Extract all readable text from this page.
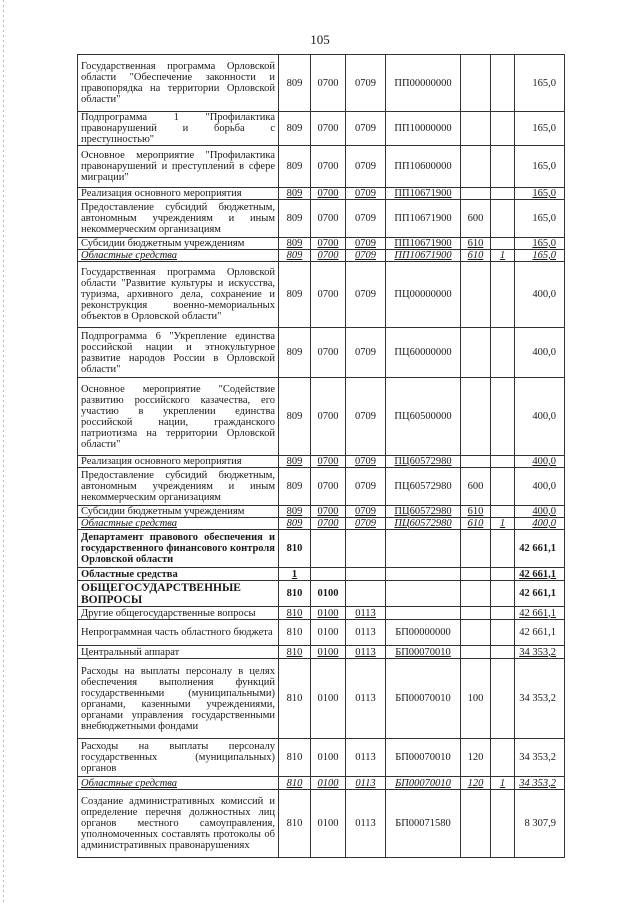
105
Государственная программа Орловской области "Обеспечение законности и правопорядка на территории Орловской области"	809	0700	0709	ПП00000000			165,0
Подпрограмма 1 "Профилактика правонарушений и борьба с преступностью"	809	0700	0709	ПП10000000			165,0
Основное мероприятие "Профилактика правонарушений и преступлений в сфере миграции"	809	0700	0709	ПП10600000			165,0
Реализация основного мероприятия	809	0700	0709	ПП10671900			165,0
Предоставление субсидий бюджетным, автономным учреждениям и иным некоммерческим организациям	809	0700	0709	ПП10671900	600		165,0
Субсидии бюджетным учреждениям	809	0700	0709	ПП10671900	610		165,0
Областные средства	809	0700	0709	ПП10671900	610	1	165,0
Государственная программа Орловской области "Развитие культуры и искусства, туризма, архивного дела, сохранение и реконструкция военно-мемориальных объектов в Орловской области"	809	0700	0709	ПЦ00000000			400,0
Подпрограмма 6 "Укрепление единства российской нации и этнокультурное развитие народов России в Орловской области"	809	0700	0709	ПЦ60000000			400,0
Основное мероприятие "Содействие развитию российского казачества, его участию в укреплении единства российской нации, гражданского патриотизма на территории Орловской области"	809	0700	0709	ПЦ60500000			400,0
Реализация основного мероприятия	809	0700	0709	ПЦ60572980			400,0
Предоставление субсидий бюджетным, автономным учреждениям и иным некоммерческим организациям	809	0700	0709	ПЦ60572980	600		400,0
Субсидии бюджетным учреждениям	809	0700	0709	ПЦ60572980	610		400,0
Областные средства	809	0700	0709	ПЦ60572980	610	1	400,0
Департамент правового обеспечения и государственного финансового контроля Орловской области	810						42 661,1
Областные средства	1						42 661,1
ОБЩЕГОСУДАРСТВЕННЫЕ ВОПРОСЫ	810	0100					42 661,1
Другие общегосударственные вопросы	810	0100	0113				42 661,1
Непрограммная часть областного бюджета	810	0100	0113	БП00000000			42 661,1
Центральный аппарат	810	0100	0113	БП00070010			34 353,2
Расходы на выплаты персоналу в целях обеспечения выполнения функций государственными (муниципальными) органами, казенными учреждениями, органами управления государственными внебюджетными фондами	810	0100	0113	БП00070010	100		34 353,2
Расходы на выплаты персоналу государственных (муниципальных) органов	810	0100	0113	БП00070010	120		34 353,2
Областные средства	810	0100	0113	БП00070010	120	1	34 353,2
Создание административных комиссий и определение перечня должностных лиц органов местного самоуправления, уполномоченных составлять протоколы об административных правонарушениях	810	0100	0113	БП00071580			8 307,9
